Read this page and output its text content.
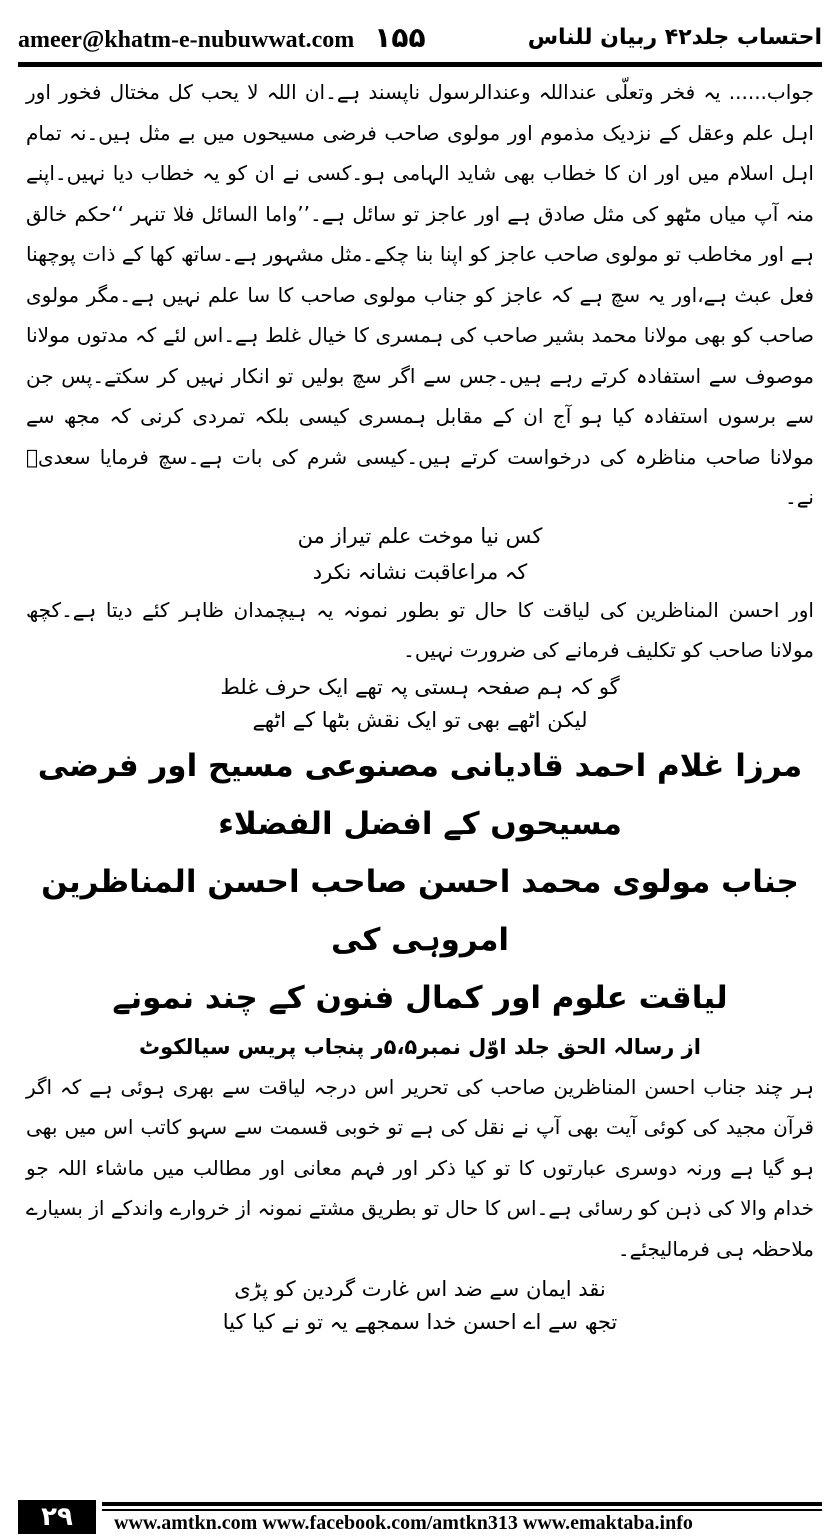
ameer@khatm-e-nubuwwat.com ۱۵۵	احتساب جلد۴۲ ربیان للناس

جواب...... یہ فخر وتعلّی عنداللہ وعندالرسول ناپسند ہے۔ان اللہ لا یحب کل مختال فخور اور اہل علم وعقل کے نزدیک مذموم اور مولوی صاحب فرضی مسیحوں میں بے مثل ہیں۔نہ تمام اہل اسلام میں اور ان کا خطاب بھی شاید الہامی ہو۔کسی نے ان کو یہ خطاب دیا نہیں۔اپنے منہ آپ میاں مٹھو کی مثل صادق ہے اور عاجز تو سائل ہے۔’’واما السائل فلا تنہر ‘‘حکم خالق ہے اور مخاطب تو مولوی صاحب عاجز کو اپنا بنا چکے۔مثل مشہور ہے۔ساتھ کھا کے ذات پوچھنا فعل عبث ہے،اور یہ سچ ہے کہ عاجز کو جناب مولوی صاحب کا سا علم نہیں ہے۔مگر مولوی صاحب کو بھی مولانا محمد بشیر صاحب کی ہمسری کا خیال غلط ہے۔اس لئے کہ مدتوں مولانا موصوف سے استفادہ کرتے رہے ہیں۔جس سے اگر سچ بولیں تو انکار نہیں کر سکتے۔پس جن سے برسوں استفادہ کیا ہو آج ان کے مقابل ہمسری کیسی بلکہ تمردی کرنی کہ مجھ سے مولانا صاحب مناظرہ کی درخواست کرتے ہیں۔کیسی شرم کی بات ہے۔سچ فرمایا سعدیؒ نے۔

کس نیا موخت علم تیراز من

کہ مراعاقبت نشانہ نکرد

اور احسن المناظرین کی لیاقت کا حال تو بطور نمونہ یہ ہیچمدان ظاہر کئے دیتا ہے۔کچھ مولانا صاحب کو تکلیف فرمانے کی ضرورت نہیں۔

گو کہ ہم صفحہ ہستی پہ تھے ایک حرف غلط

لیکن اٹھے بھی تو ایک نقش بٹھا کے اٹھے

مرزا غلام احمد قادیانی مصنوعی مسیح اور فرضی مسیحوں کے افضل الفضلاء

جناب مولوی محمد احسن صاحب احسن المناظرین امروہی کی

لیاقت علوم اور کمال فنون کے چند نمونے

از رسالہ الحق جلد اوّل نمبر۵،۵ر پنجاب پریس سیالکوٹ

ہر چند جناب احسن المناظرین صاحب کی تحریر اس درجہ لیاقت سے بھری ہوئی ہے کہ اگر قرآن مجید کی کوئی آیت بھی آپ نے نقل کی ہے تو خوبی قسمت سے سہو کاتب اس میں بھی ہو گیا ہے ورنہ دوسری عبارتوں کا تو کیا ذکر اور فہم معانی اور مطالب میں ماشاء اللہ جو خدام والا کی ذہن کو رسائی ہے۔اس کا حال تو بطریق مشتے نمونہ از خروارے واندکے از بسیارے ملاحظہ ہی فرمالیجئے۔

نقد ایمان سے ضد اس غارت گردین کو پڑی

تجھ سے اے احسن خدا سمجھے یہ تو نے کیا کیا

۲۹	www.amtkn.com www.facebook.com/amtkn313 www.emaktaba.info
